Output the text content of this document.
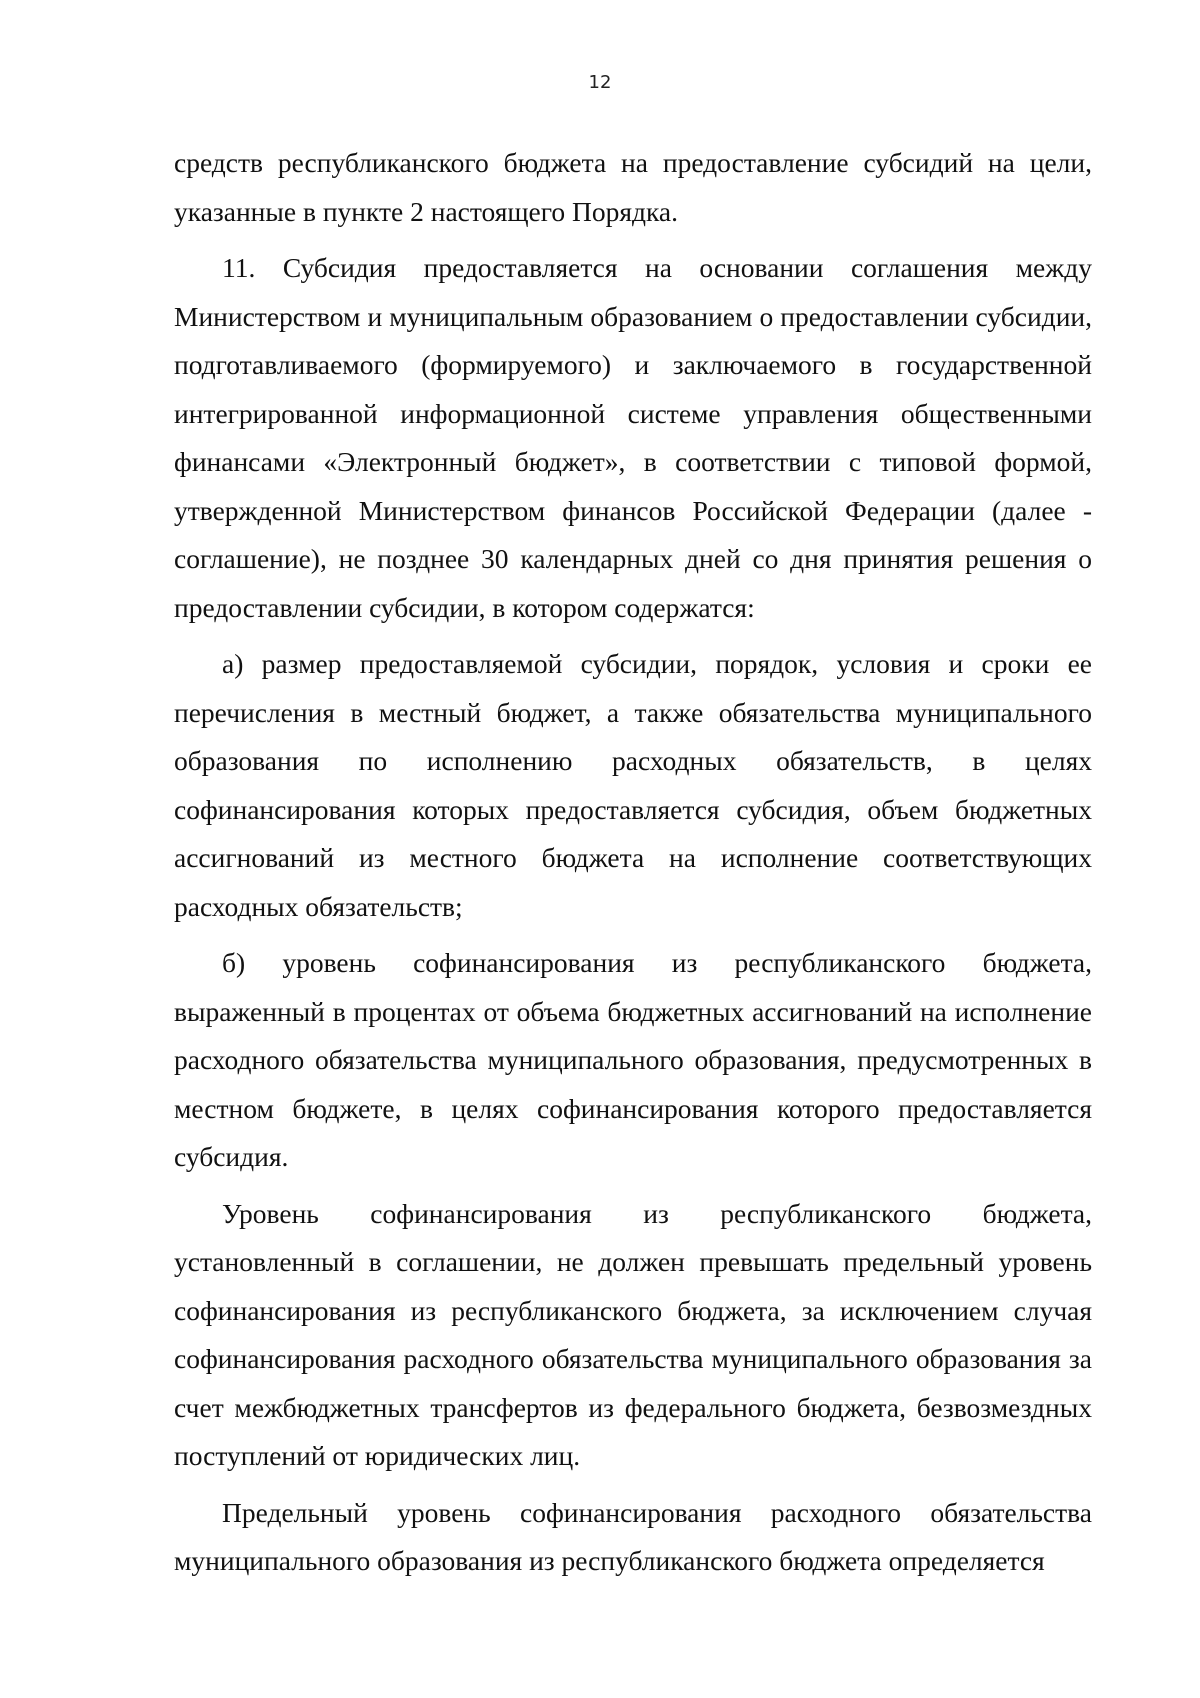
12

средств республиканского бюджета на предоставление субсидий на цели, указанные в пункте 2 настоящего Порядка.

11. Субсидия предоставляется на основании соглашения между Министерством и муниципальным образованием о предоставлении субсидии, подготавливаемого (формируемого) и заключаемого в государственной интегрированной информационной системе управления общественными финансами «Электронный бюджет», в соответствии с типовой формой, утвержденной Министерством финансов Российской Федерации (далее - соглашение), не позднее 30 календарных дней со дня принятия решения о предоставлении субсидии, в котором содержатся:

а) размер предоставляемой субсидии, порядок, условия и сроки ее перечисления в местный бюджет, а также обязательства муниципального образования по исполнению расходных обязательств, в целях софинансирования которых предоставляется субсидия, объем бюджетных ассигнований из местного бюджета на исполнение соответствующих расходных обязательств;

б) уровень софинансирования из республиканского бюджета, выраженный в процентах от объема бюджетных ассигнований на исполнение расходного обязательства муниципального образования, предусмотренных в местном бюджете, в целях софинансирования которого предоставляется субсидия.

Уровень софинансирования из республиканского бюджета, установленный в соглашении, не должен превышать предельный уровень софинансирования из республиканского бюджета, за исключением случая софинансирования расходного обязательства муниципального образования за счет межбюджетных трансфертов из федерального бюджета, безвозмездных поступлений от юридических лиц.

Предельный уровень софинансирования расходного обязательства муниципального образования из республиканского бюджета определяется
